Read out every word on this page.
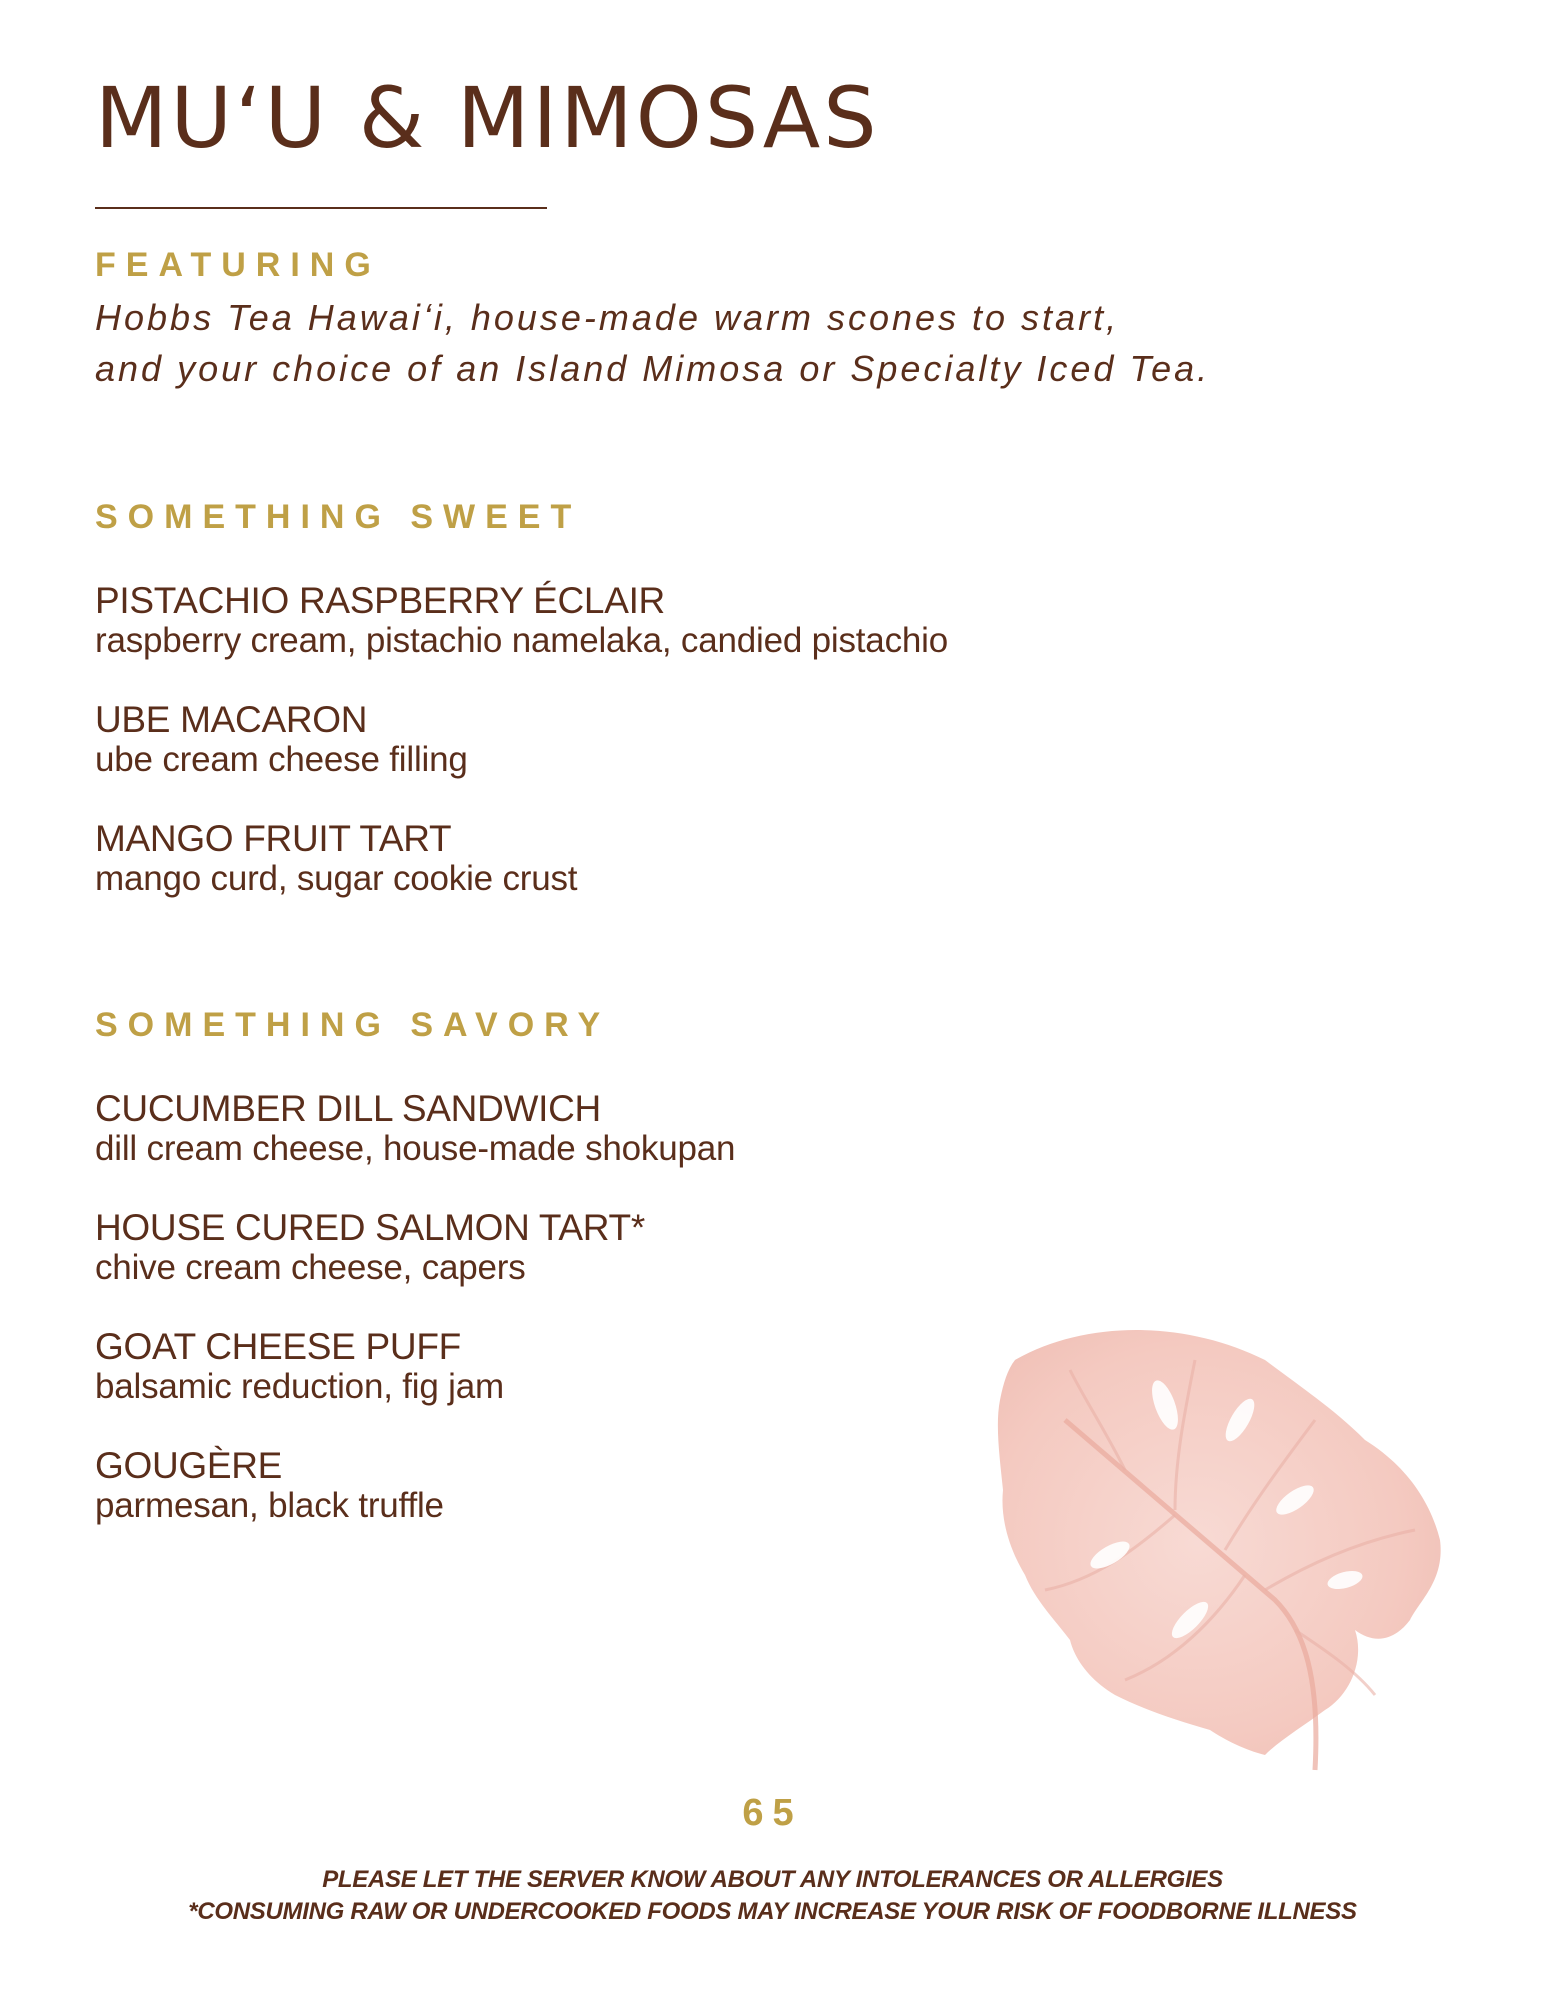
MUʻU & MIMOSAS
FEATURING

Hobbs Tea Hawaiʻi, house-made warm scones to start,
and your choice of an Island Mimosa or Specialty Iced Tea.

SOMETHING SWEET
PISTACHIO RASPBERRY ÉCLAIR
raspberry cream, pistachio namelaka, candied pistachio
UBE MACARON
ube cream cheese filling
MANGO FRUIT TART
mango curd, sugar cookie crust
SOMETHING SAVORY
CUCUMBER DILL SANDWICH
dill cream cheese, house-made shokupan
HOUSE CURED SALMON TART*
chive cream cheese, capers
GOAT CHEESE PUFF
balsamic reduction, fig jam
GOUGÈRE
parmesan, black truffle
65
PLEASE LET THE SERVER KNOW ABOUT ANY INTOLERANCES OR ALLERGIES
*CONSUMING RAW OR UNDERCOOKED FOODS MAY INCREASE YOUR RISK OF FOODBORNE ILLNESS
